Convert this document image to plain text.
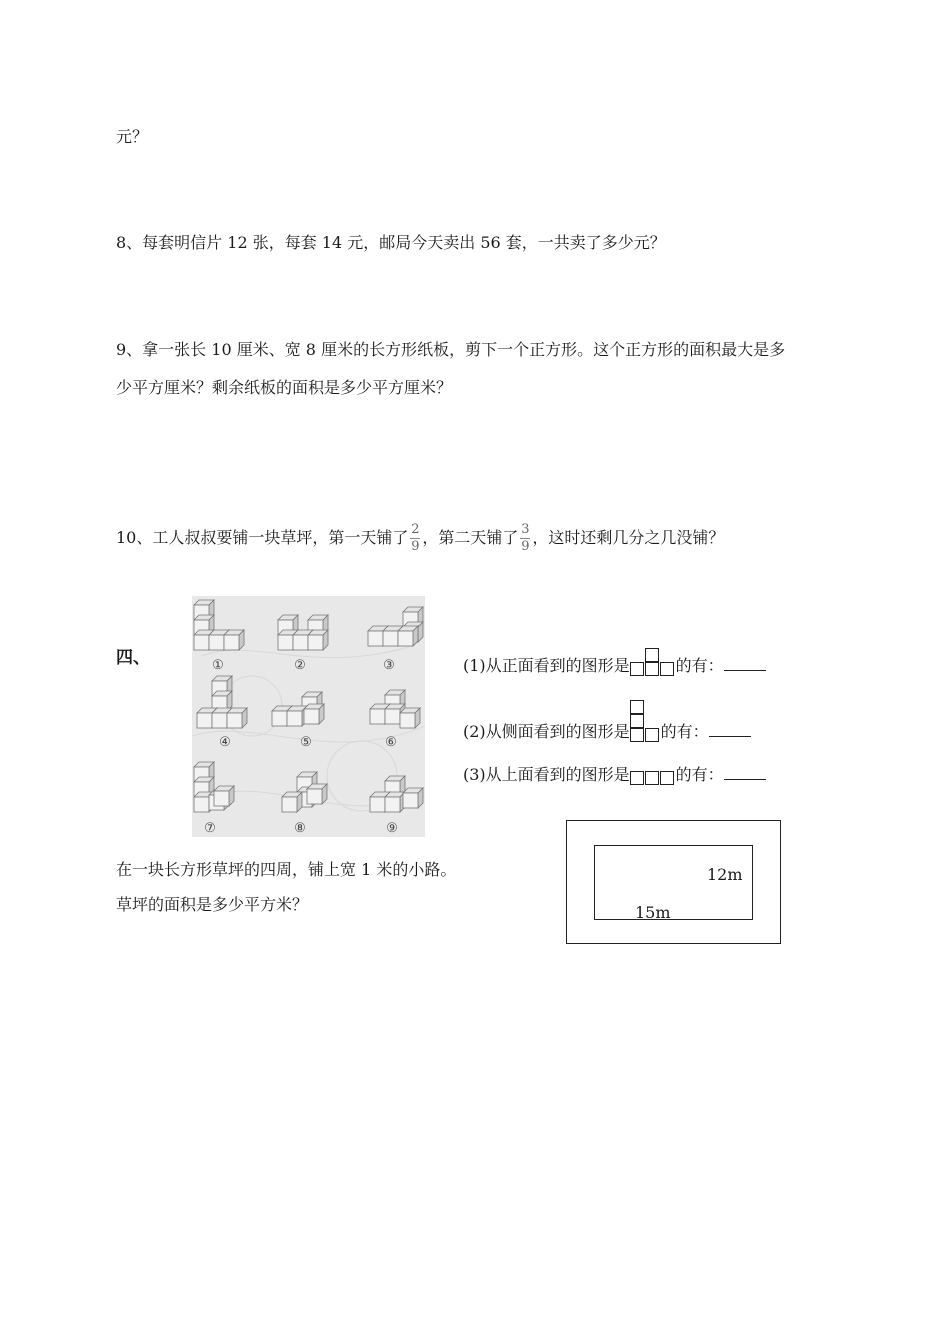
元？
8、每套明信片 12 张，每套 14 元，邮局今天卖出 56 套，一共卖了多少元？
9、拿一张长 10 厘米、宽 8 厘米的长方形纸板，剪下一个正方形。这个正方形的面积最大是多
少平方厘米？剩余纸板的面积是多少平方厘米？
10、工人叔叔要铺一块草坪，第一天铺了 $\frac{2}{9}$ ，第二天铺了 $\frac{3}{9}$ ，这时还剩几分之几没铺？
四、	①	②	③
④	⑤	⑥
⑦	⑧	⑨
(1)从正面看到的图形是	的有：
(2)从侧面看到的图形是 的有：
(3)从上面看到的图形是	的有：
在一块长方形草坪的四周，铺上宽 1 米的小路。
草坪的面积是多少平方米？
12m
15m
